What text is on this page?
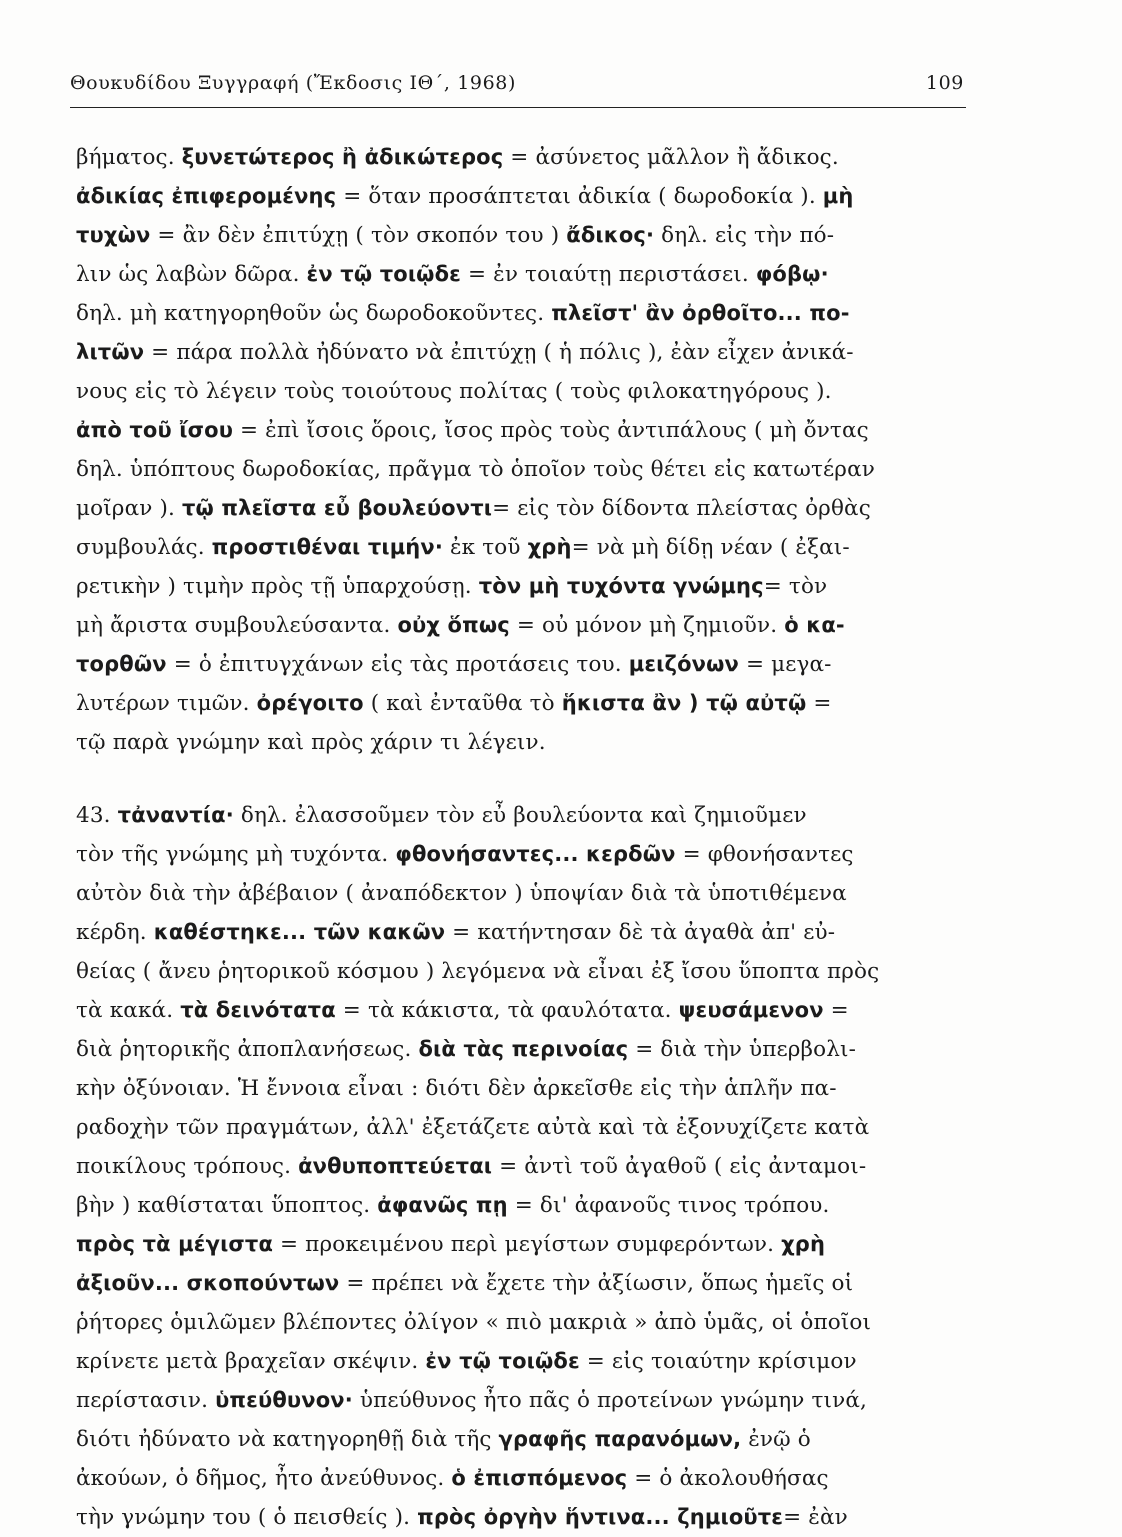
Θουκυδίδου Ξυγγραφή (Ἔκδοσις ΙΘ΄, 1968)	109
βήματος. ξυνετώτερος ἢ ἀδικώτερος = ἀσύνετος μᾶλλον ἢ ἄδικος.
ἀδικίας ἐπιφερομένης = ὅταν προσάπτεται ἀδικία ( δωροδοκία ). μὴ
τυχὼν = ἂν δὲν ἐπιτύχῃ ( τὸν σκοπόν του ) ἄδικος· δηλ. εἰς τὴν πό-
λιν ὡς λαβὼν δῶρα. ἐν τῷ τοιῷδε = ἐν τοιαύτῃ περιστάσει. φόβῳ·
δηλ. μὴ κατηγορηθοῦν ὡς δωροδοκοῦντες. πλεῖστ' ἂν ὀρθοῖτο... πο-
λιτῶν = πάρα πολλὰ ἠδύνατο νὰ ἐπιτύχῃ ( ἡ πόλις ), ἐὰν εἶχεν ἀνικά-
νους εἰς τὸ λέγειν τοὺς τοιούτους πολίτας ( τοὺς φιλοκατηγόρους ).
ἀπὸ τοῦ ἴσου = ἐπὶ ἴσοις ὅροις, ἴσος πρὸς τοὺς ἀντιπάλους ( μὴ ὄντας
δηλ. ὑπόπτους δωροδοκίας, πρᾶγμα τὸ ὁποῖον τοὺς θέτει εἰς κατωτέραν
μοῖραν ). τῷ πλεῖστα εὖ βουλεύοντι= εἰς τὸν δίδοντα πλείστας ὀρθὰς
συμβουλάς. προστιθέναι τιμήν· ἐκ τοῦ χρὴ= νὰ μὴ δίδῃ νέαν ( ἐξαι-
ρετικὴν ) τιμὴν πρὸς τῇ ὑπαρχούσῃ. τὸν μὴ τυχόντα γνώμης= τὸν
μὴ ἄριστα συμβουλεύσαντα. οὐχ ὅπως = οὐ μόνον μὴ ζημιοῦν. ὁ κα-
τορθῶν = ὁ ἐπιτυγχάνων εἰς τὰς προτάσεις του. μειζόνων = μεγα-
λυτέρων τιμῶν. ὀρέγοιτο ( καὶ ἐνταῦθα τὸ ἥκιστα ἂν ) τῷ αὐτῷ =
τῷ παρὰ γνώμην καὶ πρὸς χάριν τι λέγειν.
43. τἀναντία· δηλ. ἐλασσοῦμεν τὸν εὖ βουλεύοντα καὶ ζημιοῦμεν
τὸν τῆς γνώμης μὴ τυχόντα. φθονήσαντες... κερδῶν = φθονήσαντες
αὐτὸν διὰ τὴν ἀβέβαιον ( ἀναπόδεκτον ) ὑποψίαν διὰ τὰ ὑποτιθέμενα
κέρδη. καθέστηκε... τῶν κακῶν = κατήντησαν δὲ τὰ ἀγαθὰ ἀπ' εὐ-
θείας ( ἄνευ ῥητορικοῦ κόσμου ) λεγόμενα νὰ εἶναι ἐξ ἴσου ὕποπτα πρὸς
τὰ κακά. τὰ δεινότατα = τὰ κάκιστα, τὰ φαυλότατα. ψευσάμενον =
διὰ ῥητορικῆς ἀποπλανήσεως. διὰ τὰς περινοίας = διὰ τὴν ὑπερβολι-
κὴν ὀξύνοιαν. Ἡ ἔννοια εἶναι : διότι δὲν ἀρκεῖσθε εἰς τὴν ἁπλῆν πα-
ραδοχὴν τῶν πραγμάτων, ἀλλ' ἐξετάζετε αὐτὰ καὶ τὰ ἐξονυχίζετε κατὰ
ποικίλους τρόπους. ἀνθυποπτεύεται = ἀντὶ τοῦ ἀγαθοῦ ( εἰς ἀνταμοι-
βὴν ) καθίσταται ὕποπτος. ἀφανῶς πῃ = δι' ἀφανοῦς τινος τρόπου.
πρὸς τὰ μέγιστα = προκειμένου περὶ μεγίστων συμφερόντων. χρὴ
ἀξιοῦν... σκοπούντων = πρέπει νὰ ἔχετε τὴν ἀξίωσιν, ὅπως ἡμεῖς οἱ
ῥήτορες ὁμιλῶμεν βλέποντες ὀλίγον « πιὸ μακριὰ » ἀπὸ ὑμᾶς, οἱ ὁποῖοι
κρίνετε μετὰ βραχεῖαν σκέψιν. ἐν τῷ τοιῷδε = εἰς τοιαύτην κρίσιμον
περίστασιν. ὑπεύθυνον· ὑπεύθυνος ἦτο πᾶς ὁ προτείνων γνώμην τινά,
διότι ἠδύνατο νὰ κατηγορηθῇ διὰ τῆς γραφῆς παρανόμων, ἐνῷ ὁ
ἀκούων, ὁ δῆμος, ἦτο ἀνεύθυνος. ὁ ἐπισπόμενος = ὁ ἀκολουθήσας
τὴν γνώμην του ( ὁ πεισθείς ). πρὸς ὀργὴν ἥντινα... ζημιοῦτε= ἐὰν
